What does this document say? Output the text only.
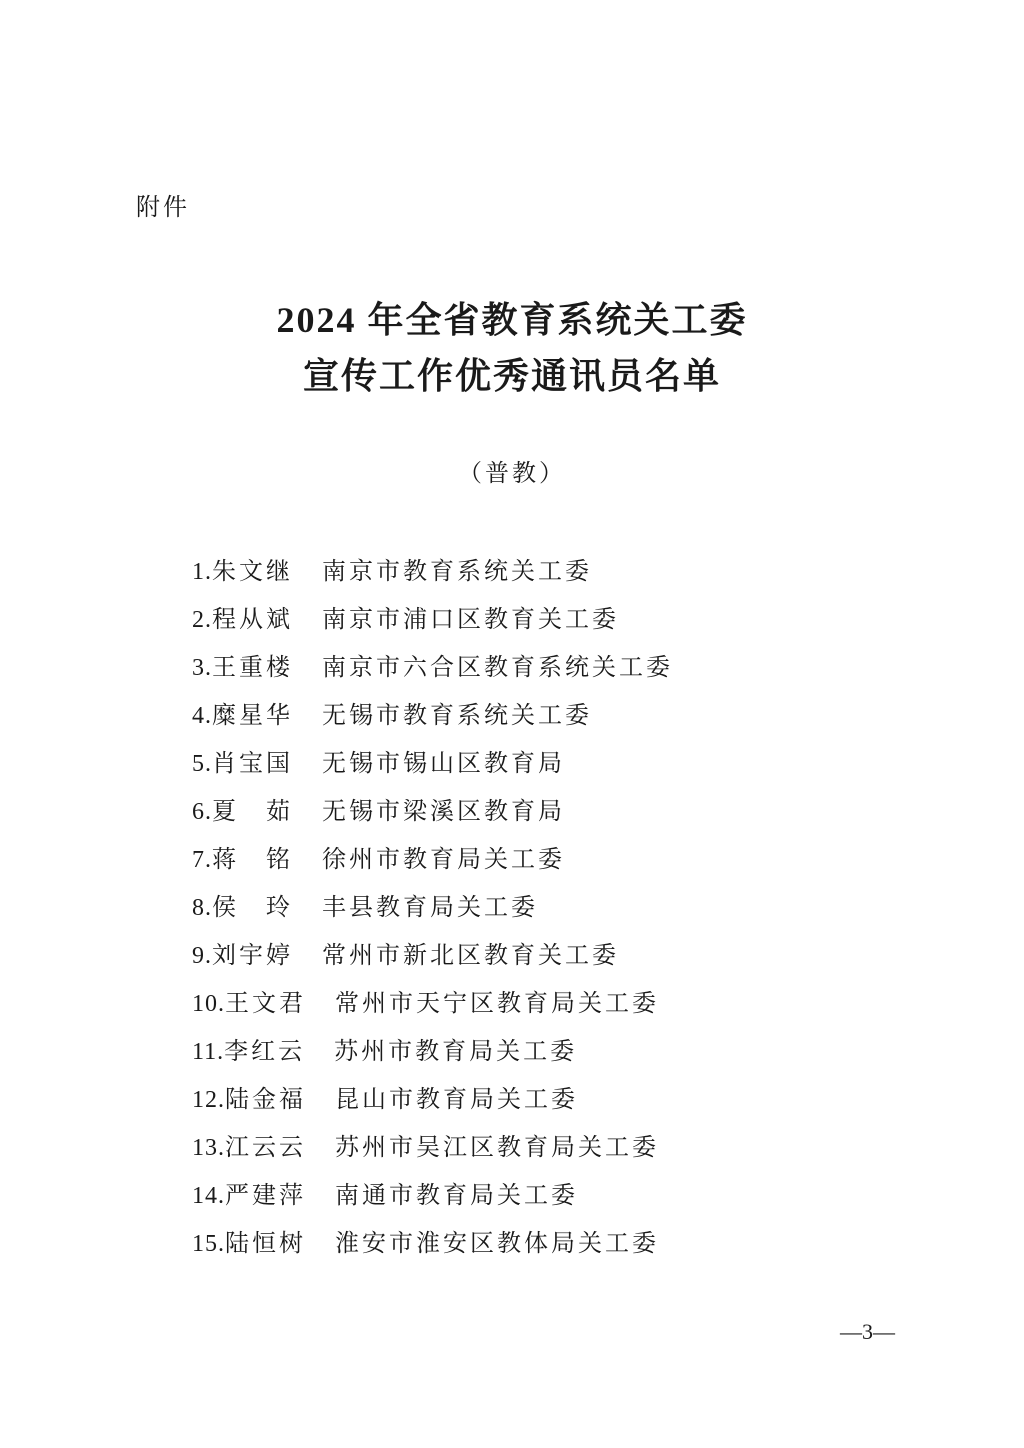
附件
2024 年全省教育系统关工委
宣传工作优秀通讯员名单
（普教）
1. 朱文继	南京市教育系统关工委
2. 程从斌	南京市浦口区教育关工委
3. 王重楼	南京市六合区教育系统关工委
4. 糜星华	无锡市教育系统关工委
5. 肖宝国	无锡市锡山区教育局
6. 夏　茹	无锡市梁溪区教育局
7. 蒋　铭	徐州市教育局关工委
8. 侯　玲	丰县教育局关工委
9. 刘宇婷	常州市新北区教育关工委
10. 王文君	常州市天宁区教育局关工委
11. 李红云	苏州市教育局关工委
12. 陆金福	昆山市教育局关工委
13. 江云云	苏州市吴江区教育局关工委
14. 严建萍	南通市教育局关工委
15. 陆恒树	淮安市淮安区教体局关工委
—3—
